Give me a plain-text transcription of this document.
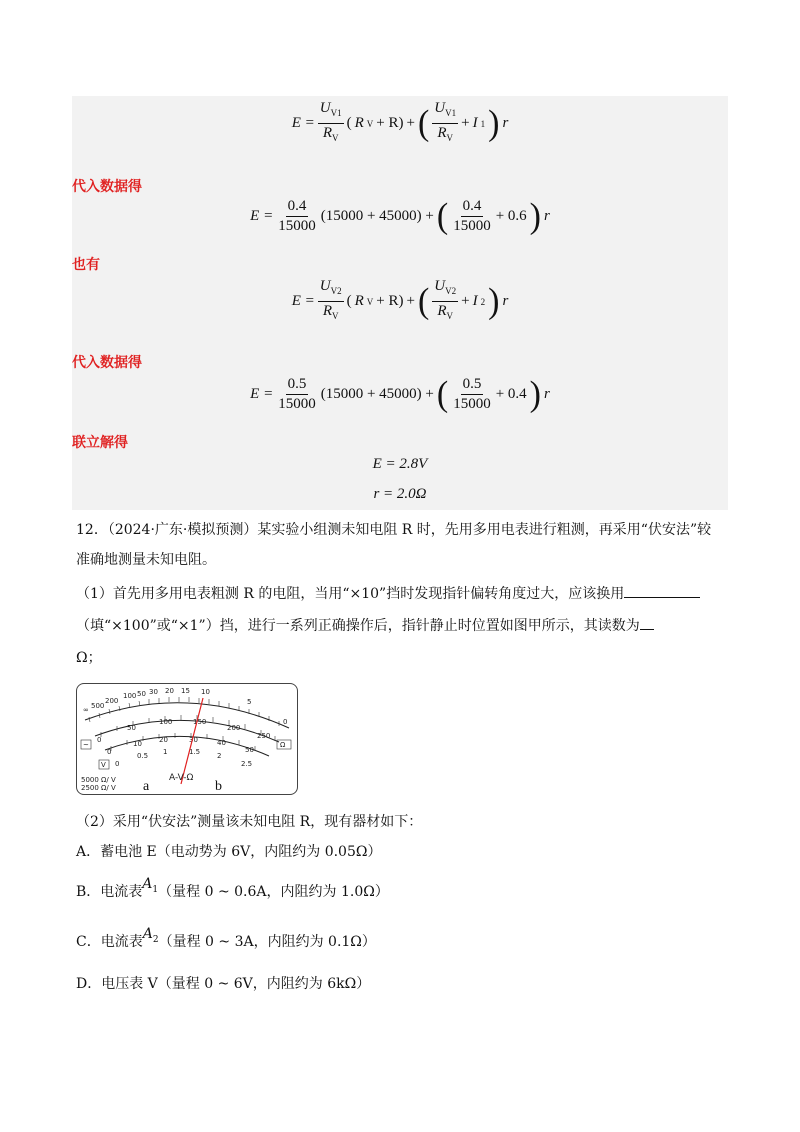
$E = \frac{U_{V1}}{R_V}$ ( R V + R) + ( $\frac{U_{V1}}{R_V} + I$ 1 ) r
代入数据得
$E = \frac{0.4}{15000} (15000 + 45000)$ + ( $\frac{0.4}{15000} + 0.6$ ) r
也有
$E = \frac{U_{V2}}{R_V}$ ( R V + R) + ( $\frac{U_{V2}}{R_V} + I$ 2 ) r
代入数据得
$E = \frac{0.5}{15000} (15000 + 45000)$ + ( $\frac{0.5}{15000} + 0.4$ ) r
联立解得
E = 2.8V
r = 2.0Ω
12．（2024·广东·模拟预测）某实验小组测未知电阻 R 时，先用多用电表进行粗测，再采用“伏安法”较
准确地测量未知电阻。
（1）首先用多用电表粗测 R 的电阻，当用“×10”挡时发现指针偏转角度过大，应该换用
（填“×100”或“×1”）挡，进行一系列正确操作后，指针静止时位置如图甲所示，其读数为
Ω；
∞ 500
200
100 50 30 20 15 10
5
0
0
50
100	150
200
250
0
10 20	30	40
50
0
0.5 1	1.5 2
2.5
Ω
~
V
A-V-Ω
a	b
5000 Ω/ V
2500 Ω/ V
（2）采用“伏安法”测量该未知电阻 R，现有器材如下：
A．蓄电池 E（电动势为 6V，内阻约为 0.05Ω）
B．电流表$A_1$（量程 0 ~ 0.6A，内阻约为 1.0Ω）
C．电流表$A_2$（量程 0 ~ 3A，内阻约为 0.1Ω）
D．电压表 V（量程 0 ~ 6V，内阻约为 6kΩ）
